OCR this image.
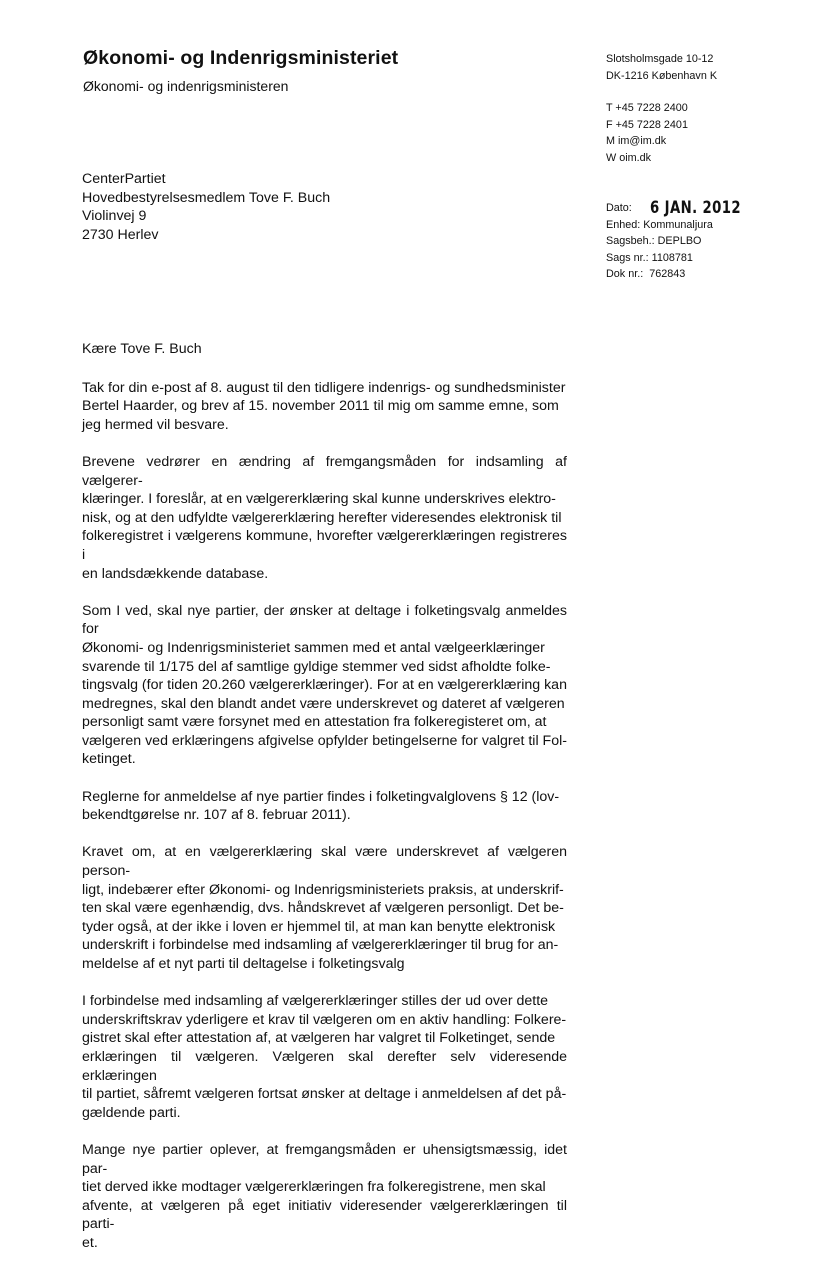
Økonomi- og Indenrigsministeriet
Økonomi- og indenrigsministeren
Slotsholmsgade 10-12
DK-1216 København K
T +45 7228 2400
F +45 7228 2401
M im@im.dk
W oim.dk
Dato: 6 JAN. 2012
Enhed: Kommunaljura
Sagsbeh.: DEPLBO
Sags nr.: 1108781
Dok nr.:  762843
CenterPartiet
Hovedbestyrelsesmedlem Tove F. Buch
Violinvej 9
2730 Herlev

Kære Tove F. Buch

Tak for din e-post af 8. august til den tidligere indenrigs- og sundhedsminister
Bertel Haarder, og brev af 15. november 2011 til mig om samme emne, som
jeg hermed vil besvare.

Brevene vedrører en ændring af fremgangsmåden for indsamling af vælgerer-
klæringer. I foreslår, at en vælgererklæring skal kunne underskrives elektro-
nisk, og at den udfyldte vælgererklæring herefter videresendes elektronisk til
folkeregistret i vælgerens kommune, hvorefter vælgererklæringen registreres i
en landsdækkende database.

Som I ved, skal nye partier, der ønsker at deltage i folketingsvalg anmeldes for
Økonomi- og Indenrigsministeriet sammen med et antal vælgeerklæringer
svarende til 1/175 del af samtlige gyldige stemmer ved sidst afholdte folke-
tingsvalg (for tiden 20.260 vælgererklæringer). For at en vælgererklæring kan
medregnes, skal den blandt andet være underskrevet og dateret af vælgeren
personligt samt være forsynet med en attestation fra folkeregisteret om, at
vælgeren ved erklæringens afgivelse opfylder betingelserne for valgret til Fol-
ketinget.

Reglerne for anmeldelse af nye partier findes i folketingvalglovens § 12 (lov-
bekendtgørelse nr. 107 af 8. februar 2011).

Kravet om, at en vælgererklæring skal være underskrevet af vælgeren person-
ligt, indebærer efter Økonomi- og Indenrigsministeriets praksis, at underskrif-
ten skal være egenhændig, dvs. håndskrevet af vælgeren personligt. Det be-
tyder også, at der ikke i loven er hjemmel til, at man kan benytte elektronisk
underskrift i forbindelse med indsamling af vælgererklæringer til brug for an-
meldelse af et nyt parti til deltagelse i folketingsvalg

I forbindelse med indsamling af vælgererklæringer stilles der ud over dette
underskriftskrav yderligere et krav til vælgeren om en aktiv handling: Folkere-
gistret skal efter attestation af, at vælgeren har valgret til Folketinget, sende
erklæringen til vælgeren. Vælgeren skal derefter selv videresende erklæringen
til partiet, såfremt vælgeren fortsat ønsker at deltage i anmeldelsen af det på-
gældende parti.

Mange nye partier oplever, at fremgangsmåden er uhensigtsmæssig, idet par-
tiet derved ikke modtager vælgererklæringen fra folkeregistrene, men skal
afvente, at vælgeren på eget initiativ videresender vælgererklæringen til parti-
et.
